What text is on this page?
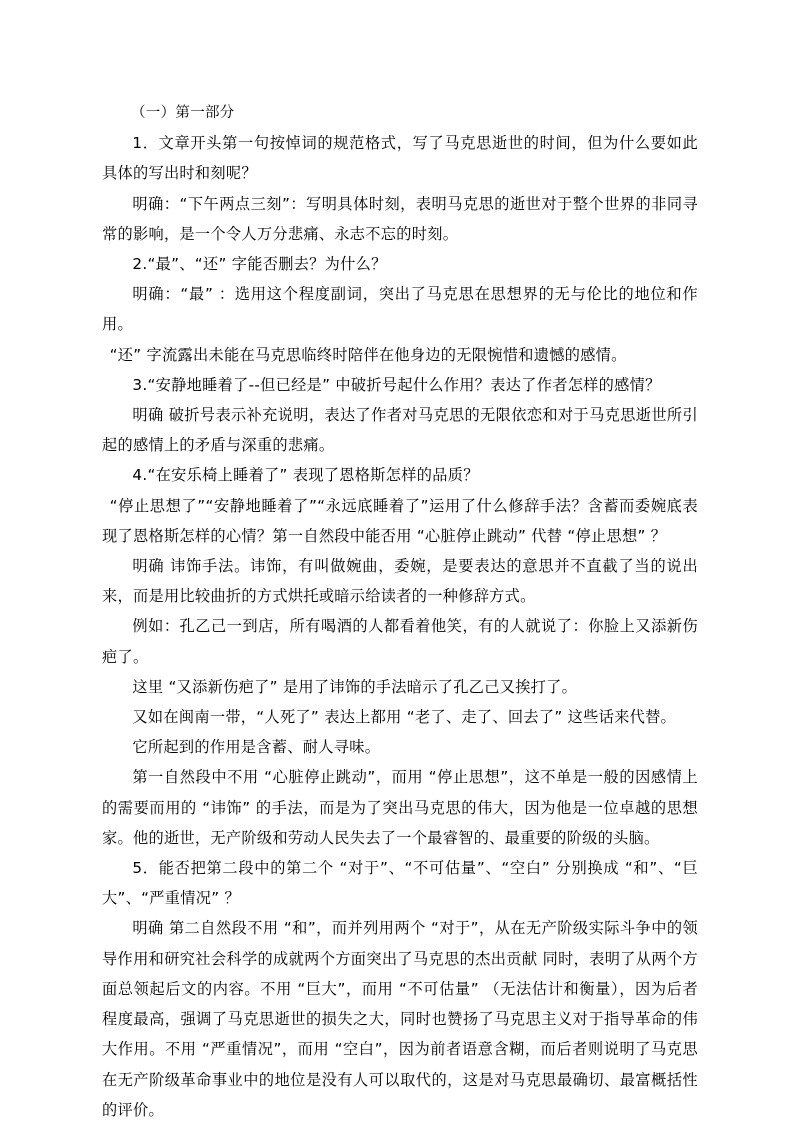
（一）第一部分

1．文章开头第一句按悼词的规范格式，写了马克思逝世的时间，但为什么要如此具体的写出时和刻呢？

明确：“下午两点三刻”：写明具体时刻，表明马克思的逝世对于整个世界的非同寻常的影响，是一个令人万分悲痛、永志不忘的时刻。

2.“最”、“还” 字能否删去？为什么？

明确：“最” ：选用这个程度副词，突出了马克思在思想界的无与伦比的地位和作用。

“还” 字流露出未能在马克思临终时陪伴在他身边的无限惋惜和遗憾的感情。

3.“安静地睡着了--但已经是” 中破折号起什么作用？表达了作者怎样的感情？

明确 破折号表示补充说明，表达了作者对马克思的无限依恋和对于马克思逝世所引起的感情上的矛盾与深重的悲痛。

4.“在安乐椅上睡着了” 表现了恩格斯怎样的品质？

“停止思想了”“安静地睡着了”“永远底睡着了”运用了什么修辞手法？含蓄而委婉底表现了恩格斯怎样的心情？第一自然段中能否用 “心脏停止跳动” 代替 “停止思想” ？

明确 讳饰手法。讳饰，有叫做婉曲，委婉，是要表达的意思并不直截了当的说出来，而是用比较曲折的方式烘托或暗示给读者的一种修辞方式。

例如：孔乙己一到店，所有喝酒的人都看着他笑，有的人就说了：你脸上又添新伤疤了。

这里 “又添新伤疤了” 是用了讳饰的手法暗示了孔乙己又挨打了。

又如在闽南一带，“人死了” 表达上都用 “老了、走了、回去了” 这些话来代替。

它所起到的作用是含蓄、耐人寻味。

第一自然段中不用 “心脏停止跳动”，而用 “停止思想”，这不单是一般的因感情上的需要而用的 “讳饰” 的手法，而是为了突出马克思的伟大，因为他是一位卓越的思想家。他的逝世，无产阶级和劳动人民失去了一个最睿智的、最重要的阶级的头脑。

5．能否把第二段中的第二个 “对于”、“不可估量”、“空白” 分别换成 “和”、“巨大”、“严重情况” ？

明确 第二自然段不用 “和”，而并列用两个 “对于”，从在无产阶级实际斗争中的领导作用和研究社会科学的成就两个方面突出了马克思的杰出贡献 同时，表明了从两个方面总领起后文的内容。不用 “巨大”，而用 “不可估量” （无法估计和衡量），因为后者程度最高，强调了马克思逝世的损失之大，同时也赞扬了马克思主义对于指导革命的伟大作用。不用 “严重情况”，而用 “空白”，因为前者语意含糊，而后者则说明了马克思在无产阶级革命事业中的地位是没有人可以取代的，这是对马克思最确切、最富概括性的评价。
